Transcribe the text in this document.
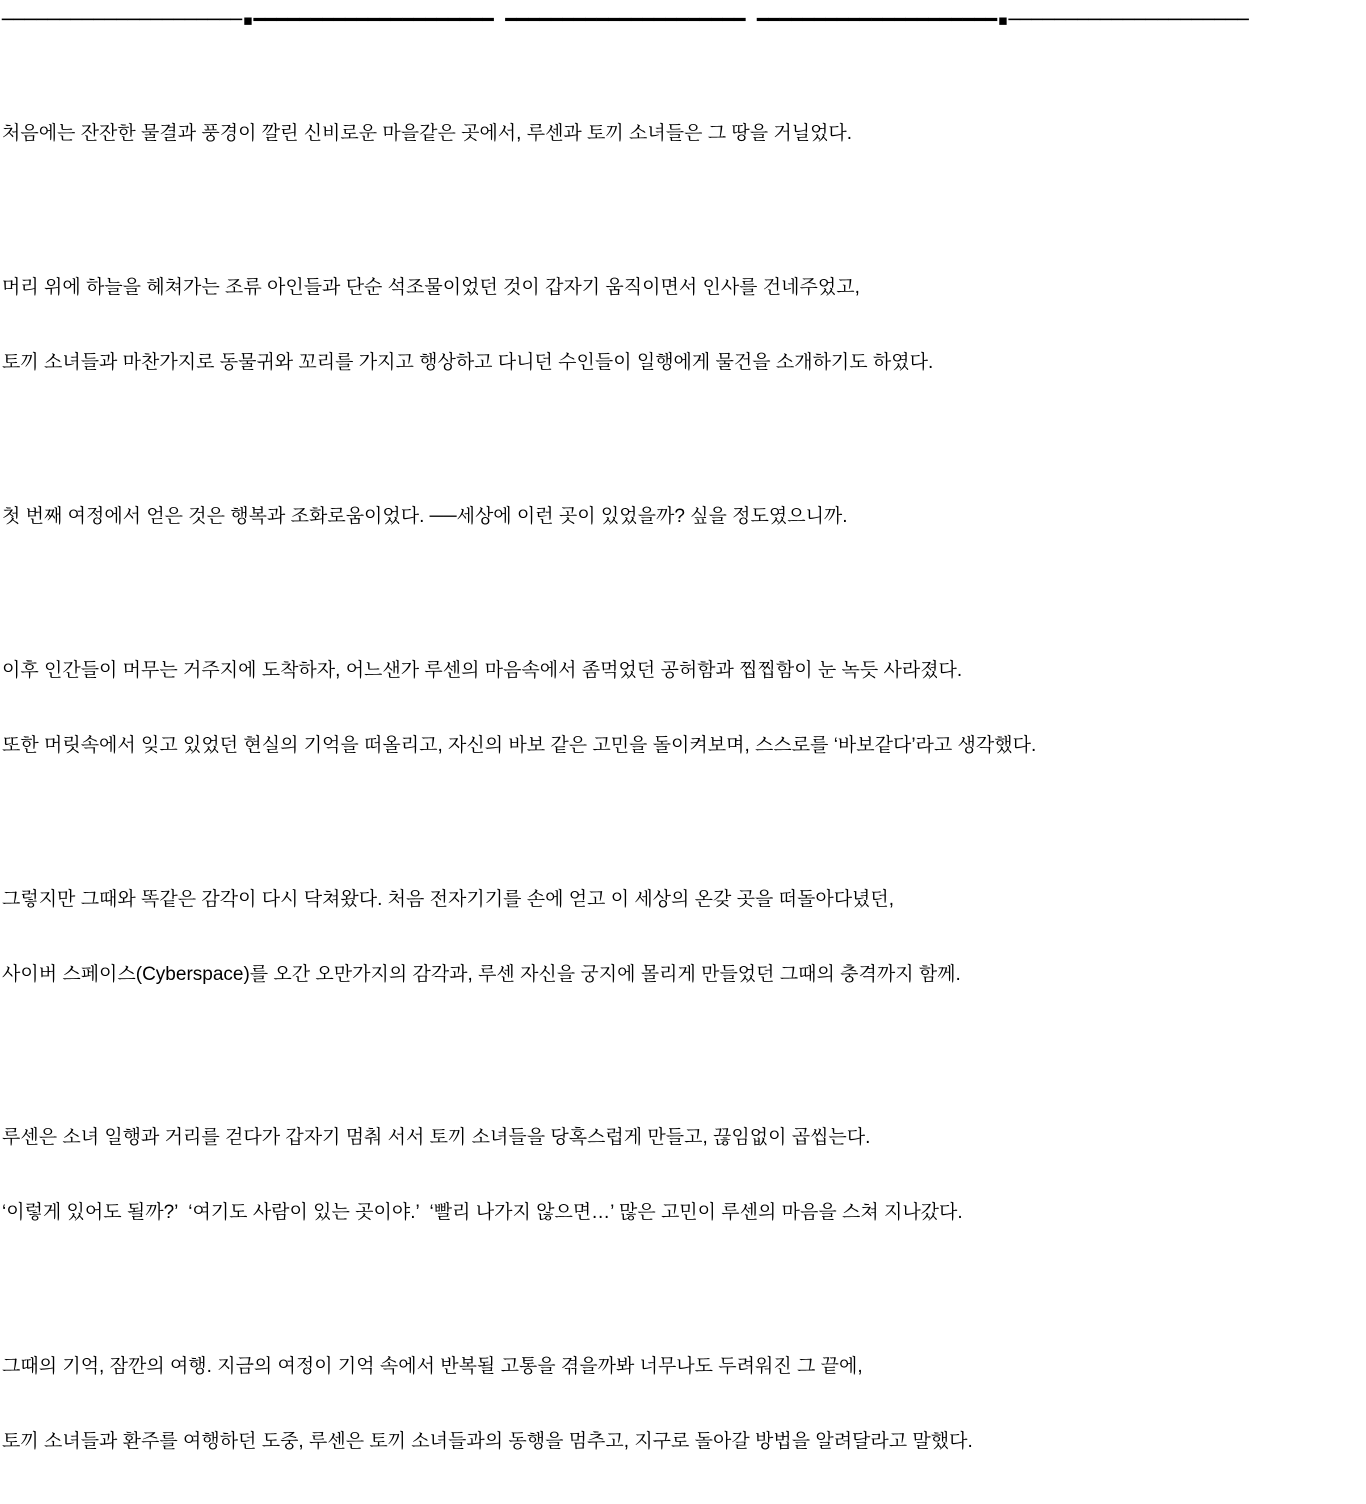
─────────────────────▪━━━━━━━━━━━━━━━━━━━━━ ━━━━━━━━━━━━━━━━━━━━━ ━━━━━━━━━━━━━━━━━━━━━▪─────────────────────

처음에는 잔잔한 물결과 풍경이 깔린 신비로운 마을같은 곳에서, 루센과 토끼 소녀들은 그 땅을 거닐었다.

머리 위에 하늘을 헤쳐가는 조류 아인들과 단순 석조물이었던 것이 갑자기 움직이면서 인사를 건네주었고,

토끼 소녀들과 마찬가지로 동물귀와 꼬리를 가지고 행상하고 다니던 수인들이 일행에게 물건을 소개하기도 하였다.

첫 번째 여정에서 얻은 것은 행복과 조화로움이었다. ──세상에 이런 곳이 있었을까? 싶을 정도였으니까.

이후 인간들이 머무는 거주지에 도착하자, 어느샌가 루센의 마음속에서 좀먹었던 공허함과 찝찝함이 눈 녹듯 사라졌다.

또한 머릿속에서 잊고 있었던 현실의 기억을 떠올리고, 자신의 바보 같은 고민을 돌이켜보며, 스스로를 ‘바보같다’라고 생각했다.

그렇지만 그때와 똑같은 감각이 다시 닥쳐왔다. 처음 전자기기를 손에 얻고 이 세상의 온갖 곳을 떠돌아다녔던,

사이버 스페이스(Cyberspace)를 오간 오만가지의 감각과, 루센 자신을 궁지에 몰리게 만들었던 그때의 충격까지 함께.

루센은 소녀 일행과 거리를 걷다가 갑자기 멈춰 서서 토끼 소녀들을 당혹스럽게 만들고, 끊임없이 곱씹는다.

‘이렇게 있어도 될까?’  ‘여기도 사람이 있는 곳이야.’  ‘빨리 나가지 않으면…’ 많은 고민이 루센의 마음을 스쳐 지나갔다.

그때의 기억, 잠깐의 여행. 지금의 여정이 기억 속에서 반복될 고통을 겪을까봐 너무나도 두려워진 그 끝에,

토끼 소녀들과 환주를 여행하던 도중, 루센은 토끼 소녀들과의 동행을 멈추고, 지구로 돌아갈 방법을 알려달라고 말했다.
